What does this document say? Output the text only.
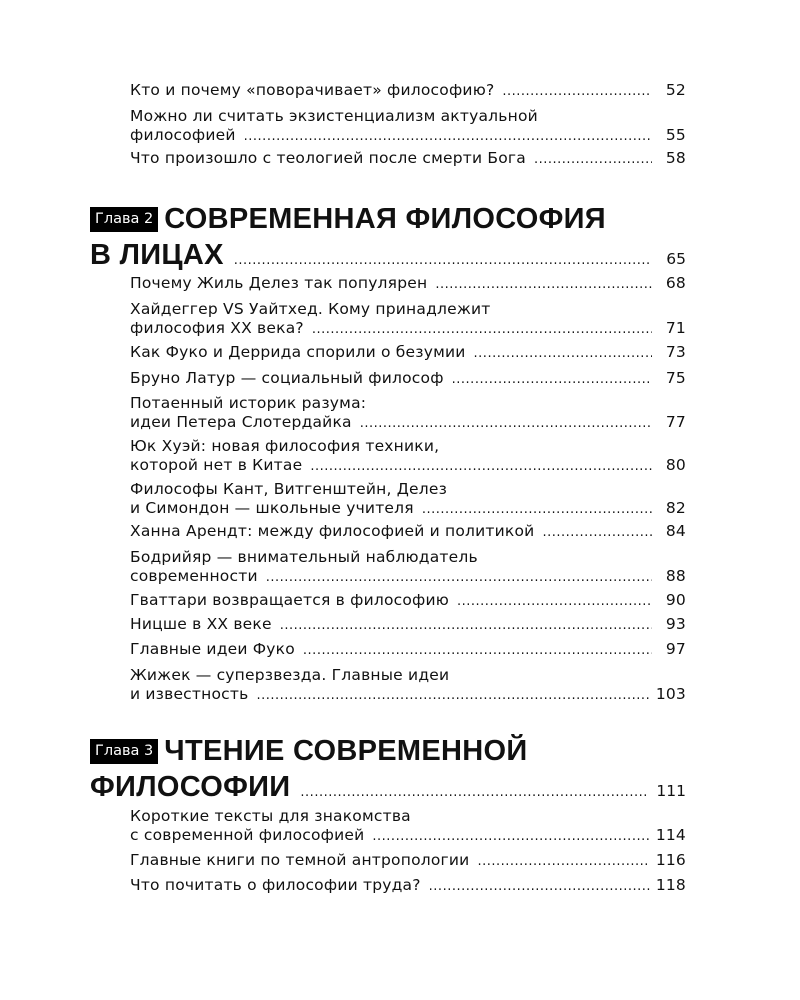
Кто и почему «поворачивает» философию? .....	52
Можно ли считать экзистенциализм актуальной
философией .....	55
Что произошло с теологией после смерти Бога .....	58
Глава 2 СОВРЕМЕННАЯ ФИЛОСОФИЯ
В ЛИЦАХ .....	65
Почему Жиль Делез так популярен .....	68
Хайдеггер VS Уайтхед. Кому принадлежит
философия XX века? .....	71
Как Фуко и Деррида спорили о безумии .....	73
Бруно Латур — социальный философ .....	75
Потаенный историк разума:
идеи Петера Слотердайка .....	77
Юк Хуэй: новая философия техники,
которой нет в Китае .....	80
Философы Кант, Витгенштейн, Делез
и Симондон — школьные учителя .....	82
Ханна Арендт: между философией и политикой .....	84
Бодрийяр — внимательный наблюдатель
современности .....	88
Гваттари возвращается в философию .....	90
Ницше в XX веке .....	93
Главные идеи Фуко .....	97
Жижек — суперзвезда. Главные идеи
и известность .....	103
Глава 3 ЧТЕНИЕ СОВРЕМЕННОЙ
ФИЛОСОФИИ .....	111
Короткие тексты для знакомства
с современной философией .....	114
Главные книги по темной антропологии .....	116
Что почитать о философии труда? .....	118
